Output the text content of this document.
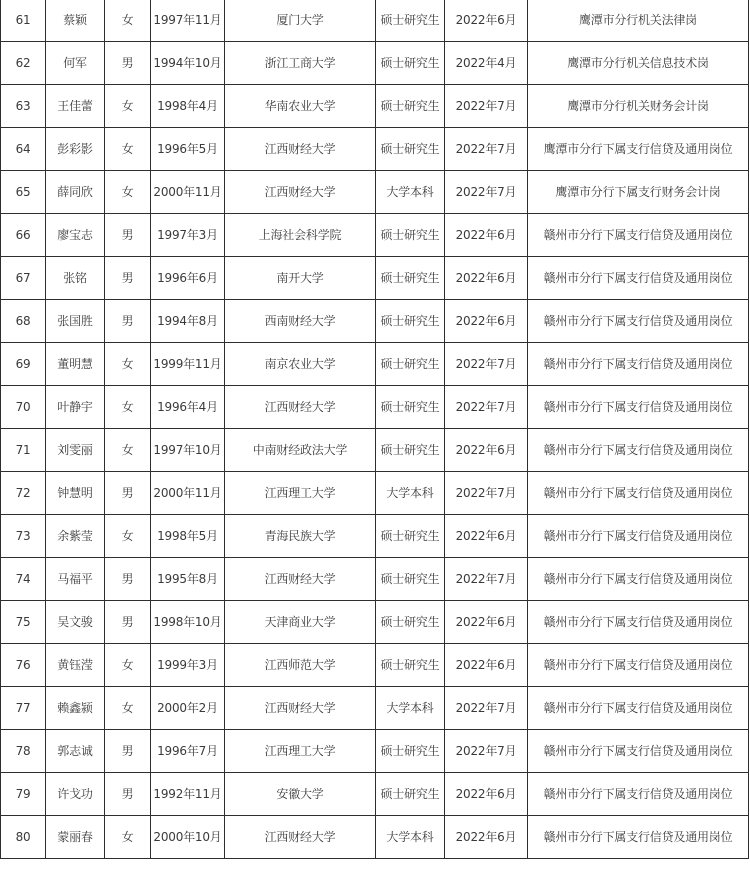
61	蔡颖	女	1997年11月	厦门大学	硕士研究生	2022年6月	鹰潭市分行机关法律岗
62	何军	男	1994年10月	浙江工商大学	硕士研究生	2022年4月	鹰潭市分行机关信息技术岗
63	王佳蕾	女	1998年4月	华南农业大学	硕士研究生	2022年7月	鹰潭市分行机关财务会计岗
64	彭彩影	女	1996年5月	江西财经大学	硕士研究生	2022年7月	鹰潭市分行下属支行信贷及通用岗位
65	薛同欣	女	2000年11月	江西财经大学	大学本科	2022年7月	鹰潭市分行下属支行财务会计岗
66	廖宝志	男	1997年3月	上海社会科学院	硕士研究生	2022年6月	赣州市分行下属支行信贷及通用岗位
67	张铭	男	1996年6月	南开大学	硕士研究生	2022年6月	赣州市分行下属支行信贷及通用岗位
68	张国胜	男	1994年8月	西南财经大学	硕士研究生	2022年6月	赣州市分行下属支行信贷及通用岗位
69	董明慧	女	1999年11月	南京农业大学	硕士研究生	2022年7月	赣州市分行下属支行信贷及通用岗位
70	叶静宇	女	1996年4月	江西财经大学	硕士研究生	2022年7月	赣州市分行下属支行信贷及通用岗位
71	刘雯丽	女	1997年10月	中南财经政法大学	硕士研究生	2022年6月	赣州市分行下属支行信贷及通用岗位
72	钟慧明	男	2000年11月	江西理工大学	大学本科	2022年7月	赣州市分行下属支行信贷及通用岗位
73	余紫莹	女	1998年5月	青海民族大学	硕士研究生	2022年6月	赣州市分行下属支行信贷及通用岗位
74	马福平	男	1995年8月	江西财经大学	硕士研究生	2022年7月	赣州市分行下属支行信贷及通用岗位
75	吴文骏	男	1998年10月	天津商业大学	硕士研究生	2022年6月	赣州市分行下属支行信贷及通用岗位
76	黄钰滢	女	1999年3月	江西师范大学	硕士研究生	2022年6月	赣州市分行下属支行信贷及通用岗位
77	赖鑫颍	女	2000年2月	江西财经大学	大学本科	2022年7月	赣州市分行下属支行信贷及通用岗位
78	郭志诚	男	1996年7月	江西理工大学	硕士研究生	2022年7月	赣州市分行下属支行信贷及通用岗位
79	许戈功	男	1992年11月	安徽大学	硕士研究生	2022年6月	赣州市分行下属支行信贷及通用岗位
80	蒙丽春	女	2000年10月	江西财经大学	大学本科	2022年6月	赣州市分行下属支行信贷及通用岗位
